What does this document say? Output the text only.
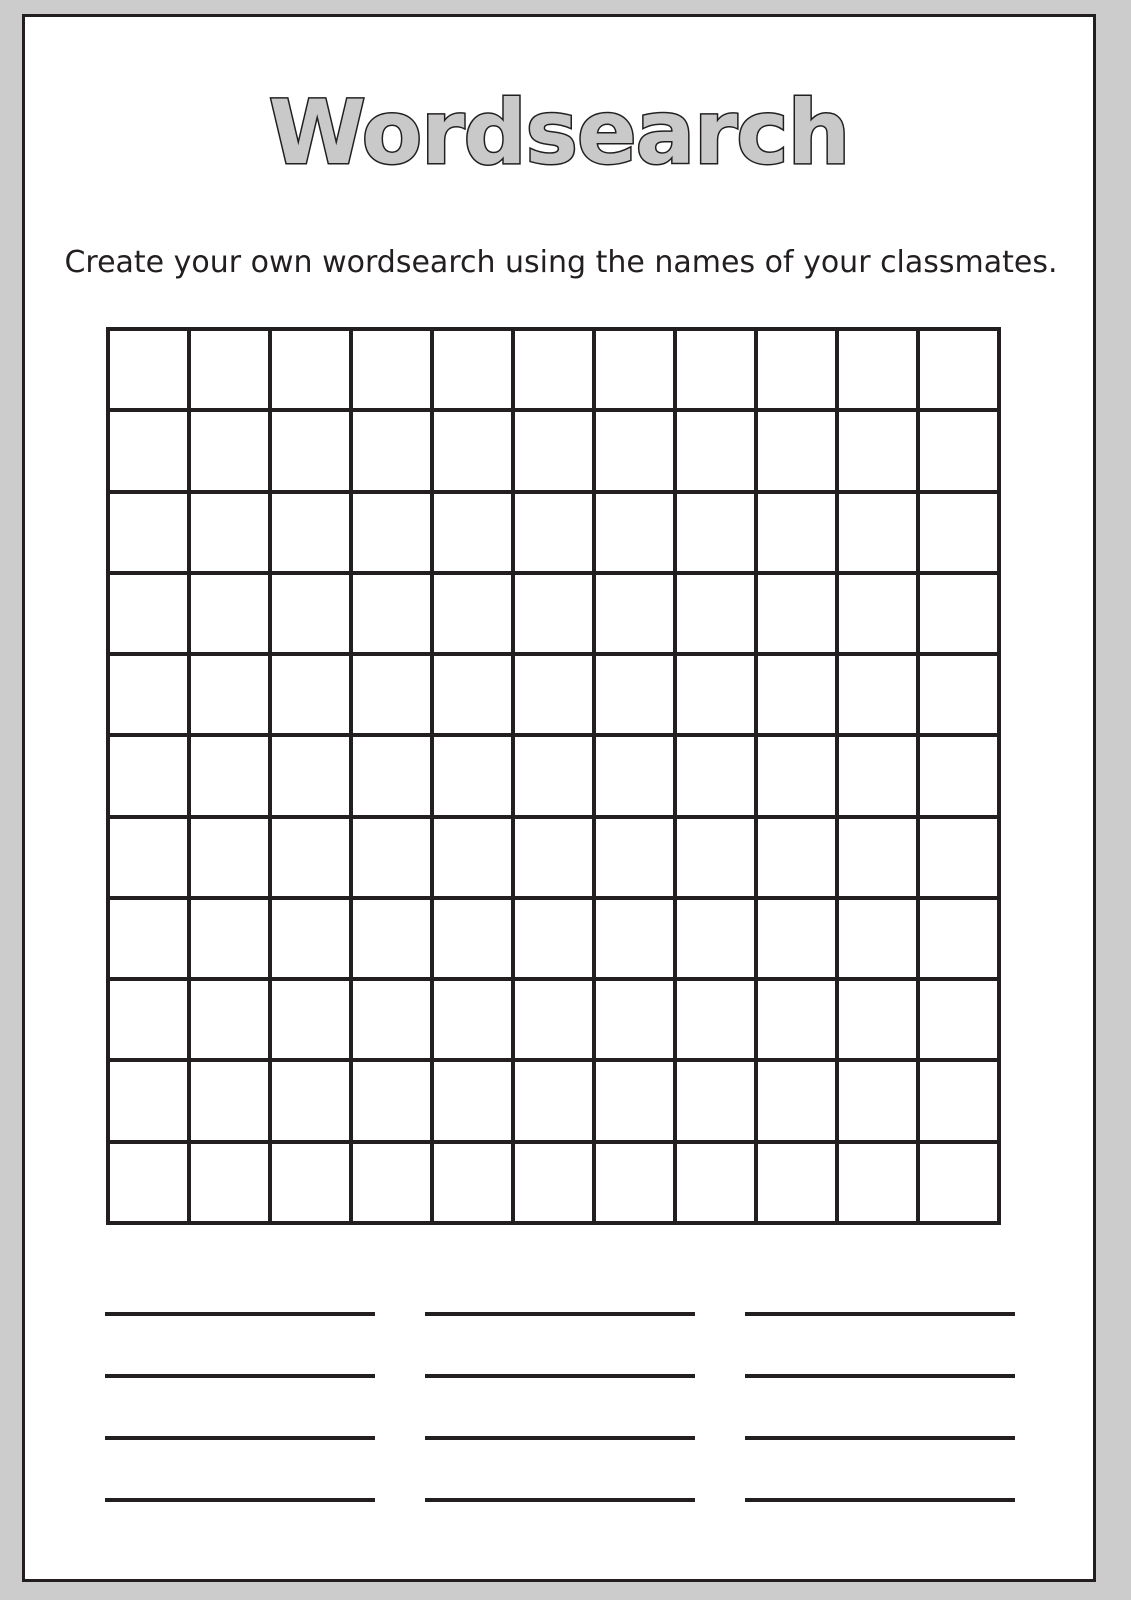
Wordsearch
Create your own wordsearch using the names of your classmates.
